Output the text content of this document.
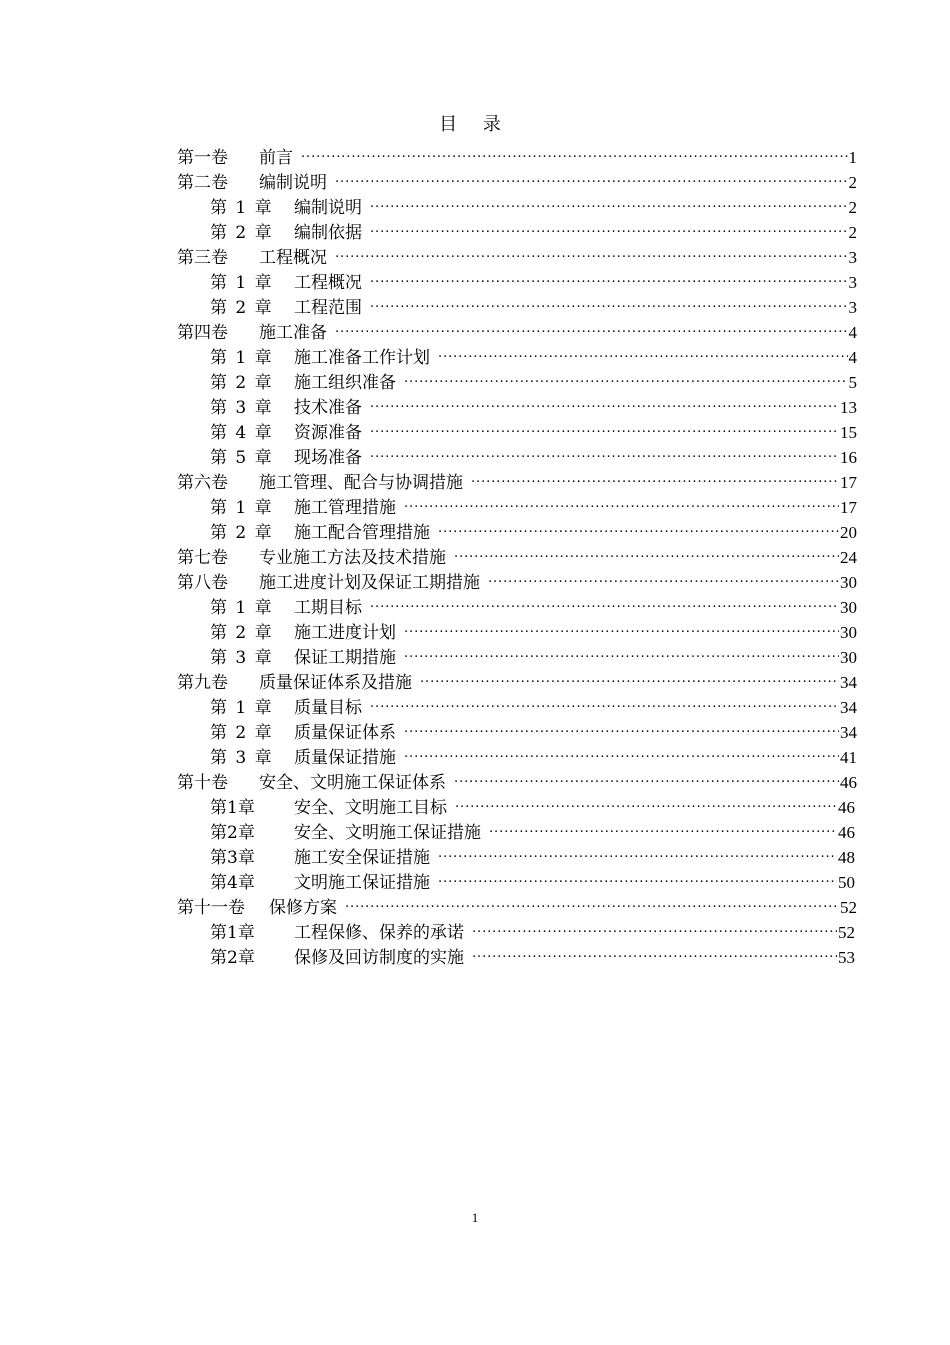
目 录
第一卷	前言 .....	1
第二卷	编制说明 .....	2
第 1 章	编制说明 .....	2
第 2 章	编制依据 .....	2
第三卷	工程概况 .....	3
第 1 章	工程概况 .....	3
第 2 章	工程范围 .....	3
第四卷	施工准备 .....	4
第 1 章	施工准备工作计划 .....	4
第 2 章	施工组织准备 .....	5
第 3 章	技术准备 .....	13
第 4 章	资源准备 .....	15
第 5 章	现场准备 .....	16
第六卷	施工管理、配合与协调措施 .....	17
第 1 章	施工管理措施 .....	17
第 2 章	施工配合管理措施 .....	20
第七卷	专业施工方法及技术措施 .....	24
第八卷	施工进度计划及保证工期措施 .....	30
第 1 章	工期目标 .....	30
第 2 章	施工进度计划 .....	30
第 3 章	保证工期措施 .....	30
第九卷	质量保证体系及措施 .....	34
第 1 章	质量目标 .....	34
第 2 章	质量保证体系 .....	34
第 3 章	质量保证措施 .....	41
第十卷	安全、文明施工保证体系 .....	46
第1章	安全、文明施工目标 .....	46
第2章	安全、文明施工保证措施 .....	46
第3章	施工安全保证措施 .....	48
第4章	文明施工保证措施 .....	50
第十一卷	保修方案 .....	52
第1章	工程保修、保养的承诺 .....	52
第2章	保修及回访制度的实施 .....	53
1
